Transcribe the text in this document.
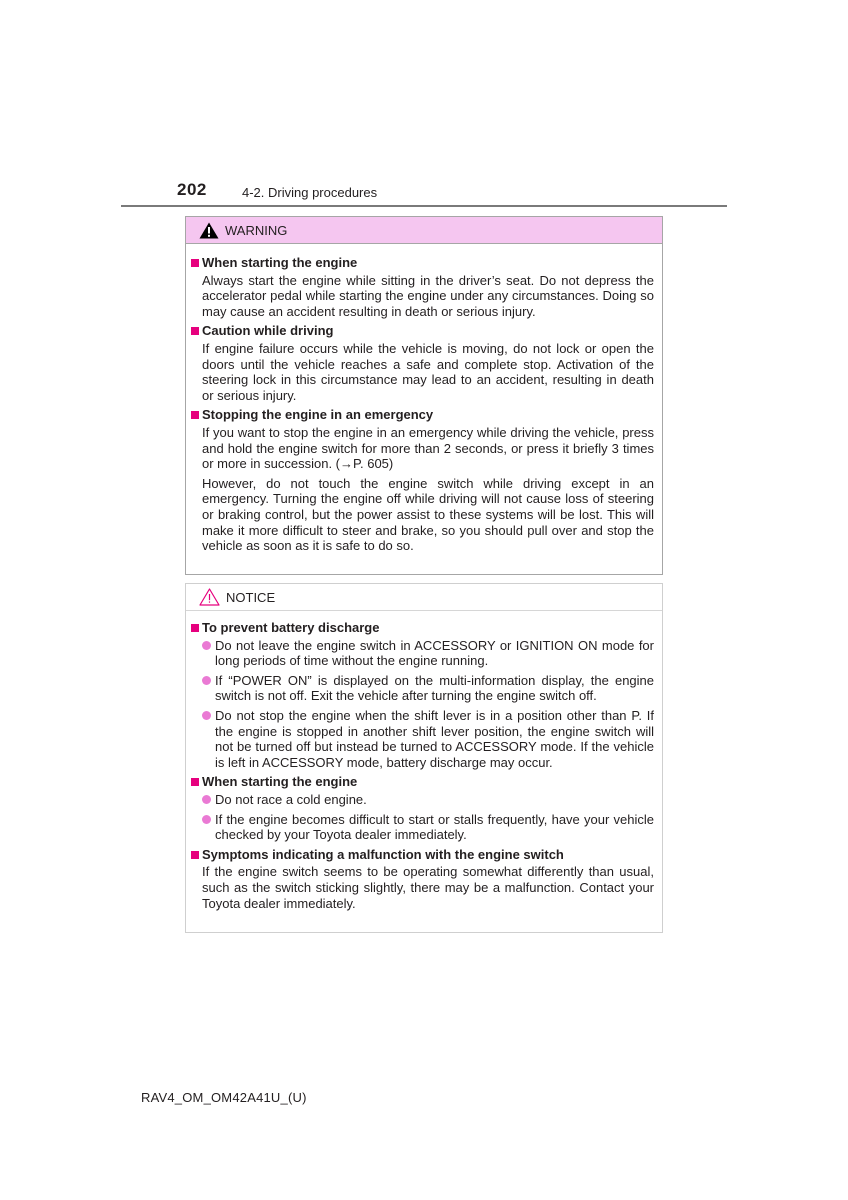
202	4-2. Driving procedures
WARNING
When starting the engine

Always start the engine while sitting in the driver’s seat. Do not depress the accelerator pedal while starting the engine under any circumstances. Doing so may cause an accident resulting in death or serious injury.

Caution while driving

If engine failure occurs while the vehicle is moving, do not lock or open the doors until the vehicle reaches a safe and complete stop. Activation of the steering lock in this circumstance may lead to an accident, resulting in death or serious injury.

Stopping the engine in an emergency

If you want to stop the engine in an emergency while driving the vehicle, press and hold the engine switch for more than 2 seconds, or press it briefly 3 times or more in succession. (→P. 605)

However, do not touch the engine switch while driving except in an emergency. Turning the engine off while driving will not cause loss of steering or braking control, but the power assist to these systems will be lost. This will make it more difficult to steer and brake, so you should pull over and stop the vehicle as soon as it is safe to do so.

NOTICE
To prevent battery discharge
Do not leave the engine switch in ACCESSORY or IGNITION ON mode for long periods of time without the engine running.
If “POWER ON” is displayed on the multi-information display, the engine switch is not off. Exit the vehicle after turning the engine switch off.
Do not stop the engine when the shift lever is in a position other than P. If the engine is stopped in another shift lever position, the engine switch will not be turned off but instead be turned to ACCESSORY mode. If the vehicle is left in ACCESSORY mode, battery discharge may occur.
When starting the engine
Do not race a cold engine.
If the engine becomes difficult to start or stalls frequently, have your vehicle checked by your Toyota dealer immediately.
Symptoms indicating a malfunction with the engine switch

If the engine switch seems to be operating somewhat differently than usual, such as the switch sticking slightly, there may be a malfunction. Contact your Toyota dealer immediately.

RAV4_OM_OM42A41U_(U)
